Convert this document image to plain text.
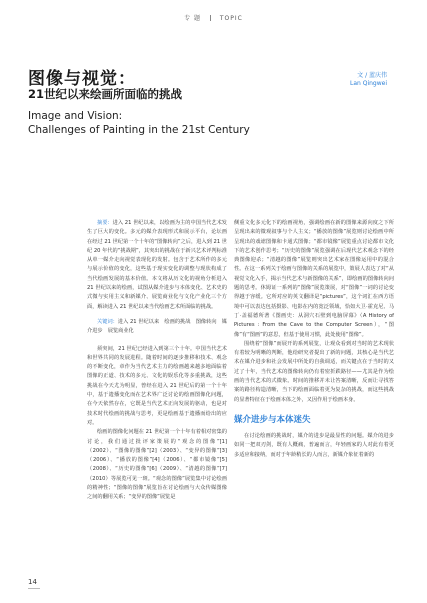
专 题	TOPIC
图像与视觉：
21世纪以来绘画所面临的挑战
Image and Vision:
Challenges of Painting in the 21st Century
文 / 蓝庆伟
Lan Qingwei

摘要：进入 21 世纪以来，以绘画为主的中国当代艺术发生了巨大的变化。多元的媒介表现形式和展示平台，论坛画在经过 21 世纪第一个十年的“图像转向”之后，进入到 21 世纪 20 年代的“挑战期”，其突出的挑战在于新兴艺术评判标准从单一媒介走向视觉表现化的发射。包含于艺术所作的多元与展示价值的变化，这些基于现实变化的调整与现状构成了当代绘画发展的基本价值。本文将从历文化的视角分析进入 21 世纪以来的绘画，试图从媒介进步与本体变化、艺术史的式微与实用主义和新媒介、展览商业化与文化产业化三个方面，解读进入 21 世纪以来当代绘画艺术所面临的挑战。

关键词：进入 21 世纪以来　绘画的挑战　图像转向　媒介进步　展览商业化

须突间，21 世纪已经进入到第三个十年。中国当代艺术和世界共同的发展进程。随着时间的逐步推移和技术、观念的不断变化，章作为当代艺术主力的绘画越来越多地面临着图像的正道、技术的多元、文化的娱乐化等多重挑战，这些挑战在今天尤为明显，曾经在进入 21 世纪后的第一个十年中，基于遗播变化而在艺术界广泛讨论的绘画图像化问题，在今天依然存在，它既是当代艺术正向发展的驱动，也是对技术时代绘画的挑战与思考，更是绘画基于遗播而给出的应对。

绘画的图像化问题在 21 世纪第一个十年有着相对密集的讨论，我们通过批评家策展的“观念的图像”[1]（2002）、“图像的图像”[2]（2003）、“变异的图像”[3]（2006）、“播放的图像”[4]（2006）、“都市镜像”[5]（2008）、“历史的图像”[6]（2009）、“清越的图像”[7]（2010）等展览可见一斑。“观念的图像”展览集中讨论绘画的精神性；“图像的图像”展览旨在讨论绘画与大众传媒图像之间的翻用关系；“变异的图像”展览是

侧重文化多元化下的绘画视角，强调绘画在新的图像来源向度之下所呈现出来的微观叙事与个人主义；“播放的图像”展览则讨论绘画中所呈现出的戏谑图像和卡通式图像；“都市镜像”展览重点讨论都市文化下的艺术创作思考；“历史的图像”展览强调在后现代艺术观念下的经典图像迎杀；“清越的图像”展览则突出艺术家在图像运用中的混合性。在这一系列关于绘画与图像的关系的展览中，策展人表达了对“从视觉文化入手，揭示当代艺术与新图像的关系”，即绘画的图像转向问题的思考。休姆证一系列的“图像”展览策展，对“图像”一词的讨论变得越于容缓。它所对应的英文翻译是“pictures”，这个词汇在西方语境中可以表达包括摄影、电影在内的宽泛领域，恰如大卫·霍克尼、马丁·盖福德所著《图画史：从洞穴石壁到电脑屏幕》（A History of Pictures : From the Cave to the Computer Screen），“图像”有“图画”的意思，但基于使用习惯，此处使用“图像”。

围绕着“图像”而展开的系列展览，让观众看到对当时的艺术现状有着较为明晰的判断，他给研究者提出了新的问题，其核心是当代艺术在媒介进步和社会发展中所处的自我调适，而关键点在于当时的又过了十年，当代艺术的图像转向仍有着密折跌路径——尤其是作为绘画的当代艺术的式微象。时间的推移并未让答案清晰，反而让寻找答案的路径构造清晰，当下的绘画面临着更为复杂的挑战，而这些挑战的显著特征在于绘画本体之外，又因作用于绘画本身。

媒介进步与本体迷失

在讨论绘画的挑战时，媒介的进步是最显性的问题。媒介的进步如同一把双刃剑，既有人概痛，普遍而言，年轻画家的人对此有着更多适应和接纳，而对于年龄稍长的人而言，新媒介象征着新的

14
